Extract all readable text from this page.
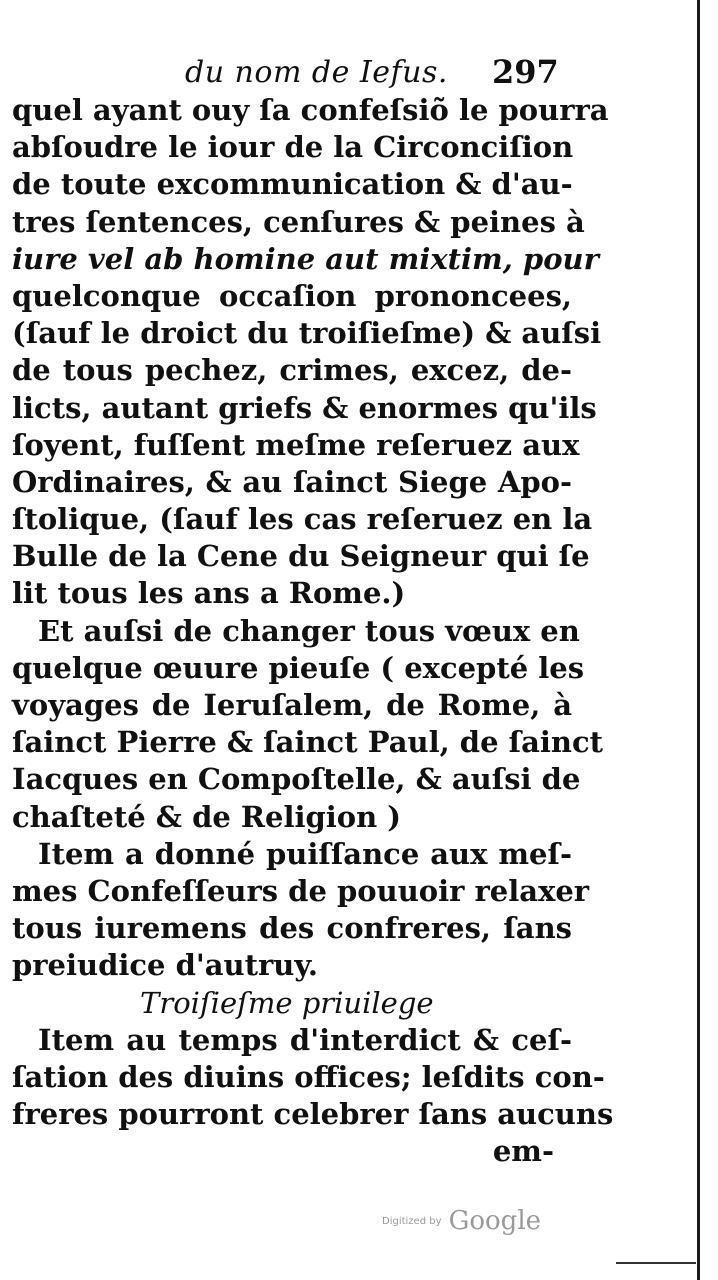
du nom de Iefus. 297
quel ayant ouy ſa confeſsiõ le pourra
abſoudre le iour de la Circonciſion
de toute excommunication & d'au-
tres ſentences, cenſures & peines à
iure vel ab homine aut mixtim, pour
quelconque occaſion prononcees,
(ſauf le droict du troiſieſme) & auſsi
de tous pechez, crimes, excez, de-
licts, autant griefs & enormes qu'ils
ſoyent, fuſſent meſme reſeruez aux
Ordinaires, & au ſainct Siege Apo-
ſtolique, (ſauf les cas reſeruez en la
Bulle de la Cene du Seigneur qui ſe
lit tous les ans a Rome.)
Et auſsi de changer tous vœux en
quelque œuure pieuſe ( excepté les
voyages de Ieruſalem, de Rome, à
ſainct Pierre & ſainct Paul, de ſainct
Iacques en Compoſtelle, & auſsi de
chaſteté & de Religion )
Item a donné puiſſance aux meſ-
mes Confeſſeurs de pouuoir relaxer
tous iuremens des confreres, ſans
preiudice d'autruy.
Troiſieſme priuilege
Item au temps d'interdict & ceſ-
ſation des diuins offices; leſdits con-
freres pourront celebrer ſans aucuns
em-
Digitized by Google
